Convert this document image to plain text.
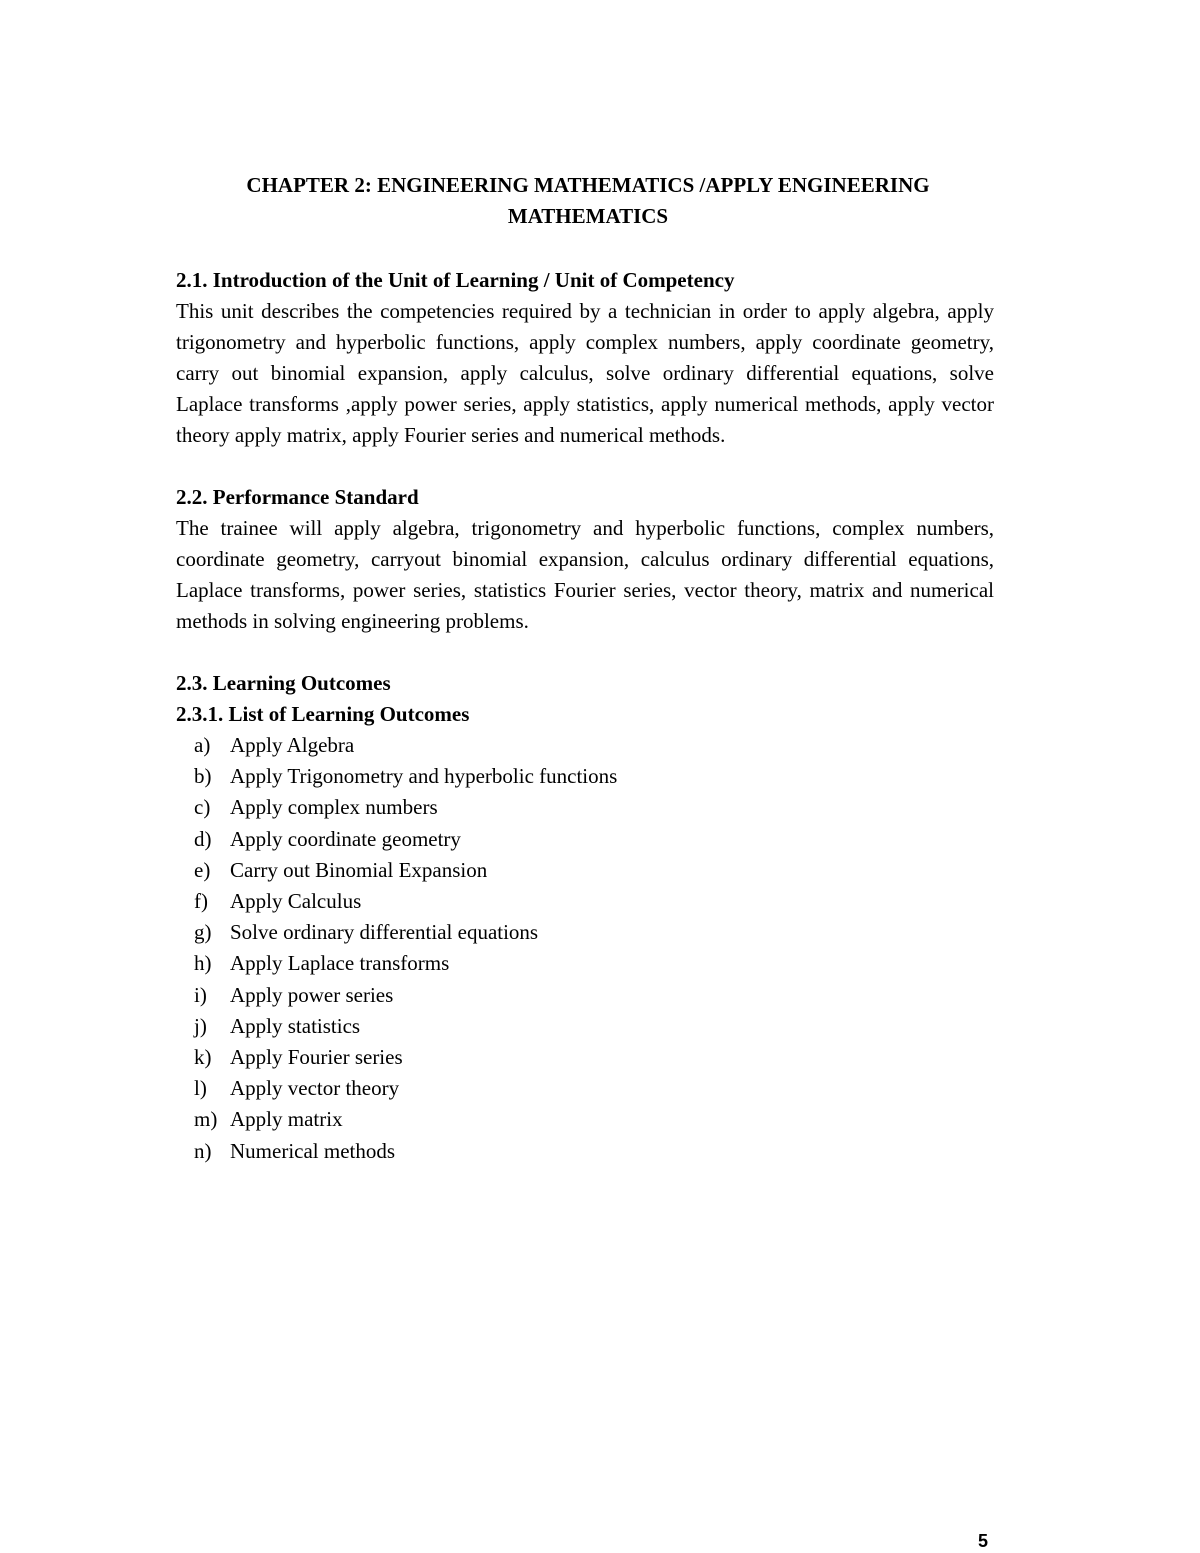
CHAPTER 2: ENGINEERING MATHEMATICS /APPLY ENGINEERING MATHEMATICS
2.1. Introduction of the Unit of Learning / Unit of Competency

This unit describes the competencies required by a technician in order to apply algebra, apply trigonometry and hyperbolic functions, apply complex numbers, apply coordinate geometry, carry out binomial expansion, apply calculus, solve ordinary differential equations, solve Laplace transforms ,apply power series, apply statistics, apply numerical methods, apply vector theory apply matrix, apply Fourier series and numerical methods.

2.2. Performance Standard

The trainee will apply algebra, trigonometry and hyperbolic functions, complex numbers, coordinate geometry, carryout binomial expansion, calculus ordinary differential equations, Laplace transforms, power series, statistics Fourier series, vector theory, matrix and numerical methods in solving engineering problems.

2.3. Learning Outcomes
2.3.1. List of Learning Outcomes
a) Apply Algebra
b) Apply Trigonometry and hyperbolic functions
c) Apply complex numbers
d) Apply coordinate geometry
e) Carry out Binomial Expansion
f)	Apply Calculus
g) Solve ordinary differential equations
h) Apply Laplace transforms
i)	Apply power series
j)	Apply statistics
k) Apply Fourier series
l)	Apply vector theory
m) Apply matrix
n) Numerical methods
5
